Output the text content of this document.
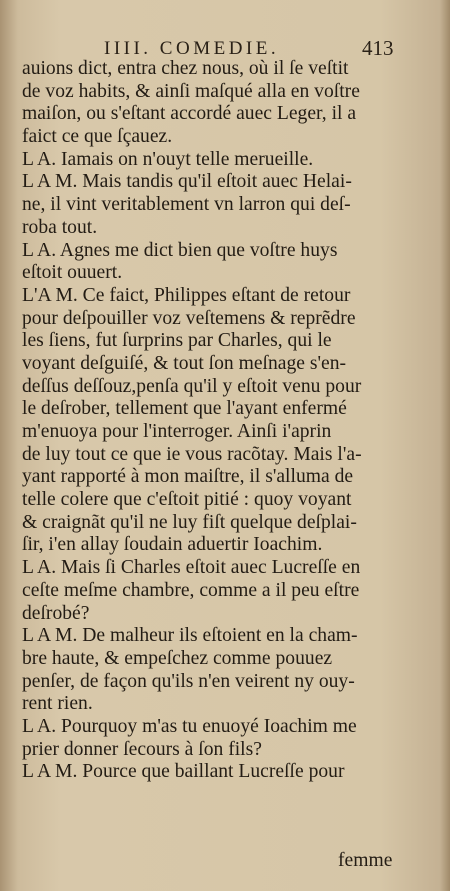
IIII. COMEDIE.	413
auions dict, entra chez nous, où il ſe veſtit
de voz habits, & ainſi maſqué alla en voſtre
maiſon, ou s'eſtant accordé auec Leger, il a
faict ce que ſçauez.
L A. Iamais on n'ouyt telle merueille.
L A M. Mais tandis qu'il eſtoit auec Helai-
ne, il vint veritablement vn larron qui deſ-
roba tout.
L A. Agnes me dict bien que voſtre huys
eſtoit ouuert.
L'A M. Ce faict, Philippes eſtant de retour
pour deſpouiller voz veſtemens & reprẽdre
les ſiens, fut ſurprins par Charles, qui le
voyant deſguiſé, & tout ſon meſnage s'en-
deſſus deſſouz,penſa qu'il y eſtoit venu pour
le deſrober, tellement que l'ayant enfermé
m'enuoya pour l'interroger. Ainſi i'aprin
de luy tout ce que ie vous racõtay. Mais l'a-
yant rapporté à mon maiſtre, il s'alluma de
telle colere que c'eſtoit pitié : quoy voyant
& craignãt qu'il ne luy fiſt quelque deſplai-
ſir, i'en allay ſoudain aduertir Ioachim.
L A. Mais ſi Charles eſtoit auec Lucreſſe en
ceſte meſme chambre, comme a il peu eſtre
deſrobé?
L A M. De malheur ils eſtoient en la cham-
bre haute, & empeſchez comme pouuez
penſer, de façon qu'ils n'en veirent ny ouy-
rent rien.
L A. Pourquoy m'as tu enuoyé Ioachim me
prier donner ſecours à ſon fils?
L A M. Pource que baillant Lucreſſe pour
femme
